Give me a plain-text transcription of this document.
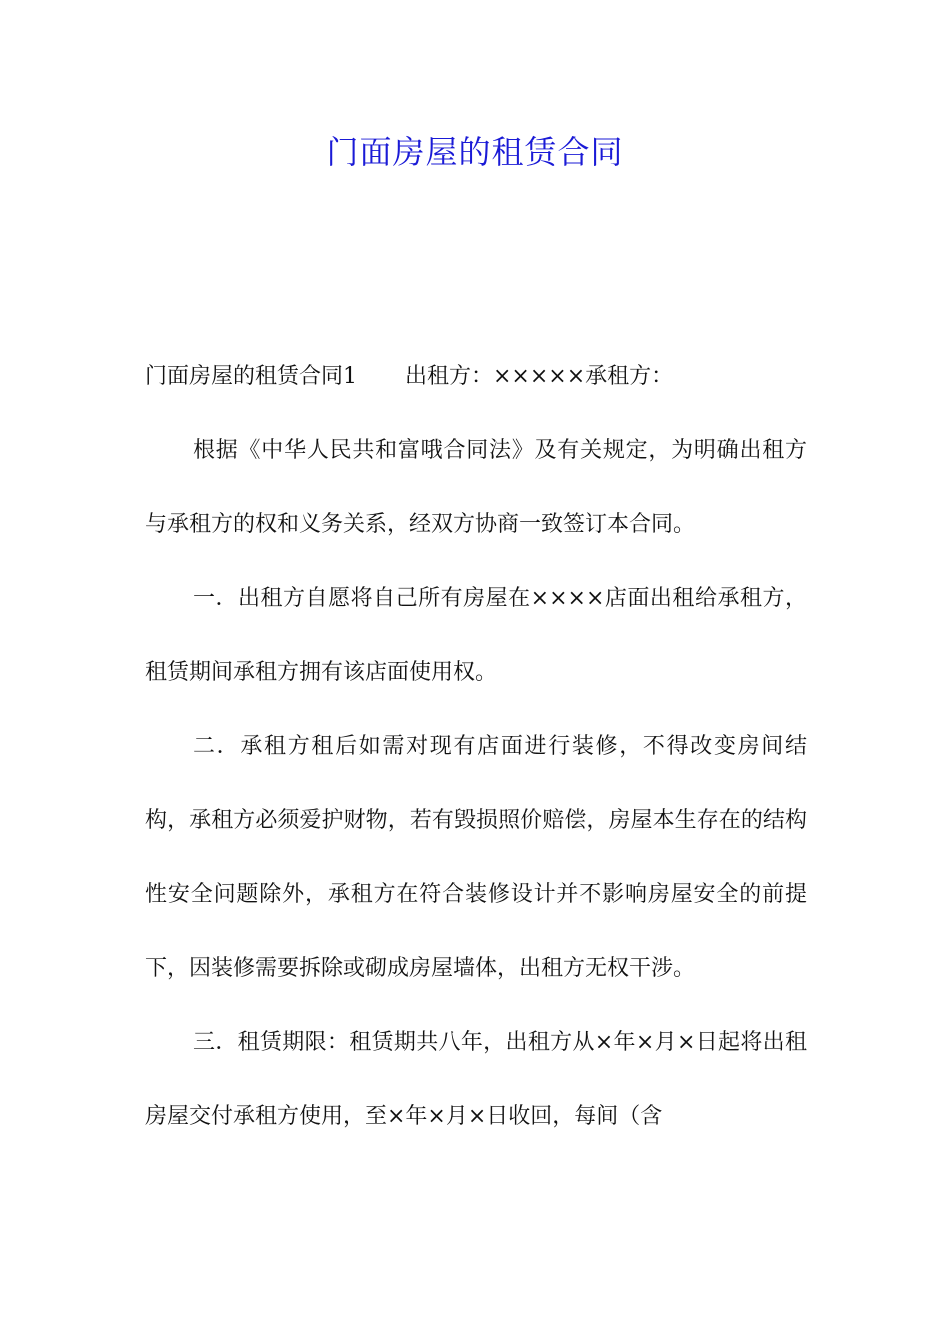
门面房屋的租赁合同

门面房屋的租赁合同1 出租方：×××××承租方：

根据《中华人民共和富哦合同法》及有关规定，为明确出租方与承租方的权和义务关系，经双方协商一致签订本合同。

一．出租方自愿将自己所有房屋在××××店面出租给承租方，租赁期间承租方拥有该店面使用权。

二．承租方租后如需对现有店面进行装修，不得改变房间结构，承租方必须爱护财物，若有毁损照价赔偿，房屋本生存在的结构性安全问题除外，承租方在符合装修设计并不影响房屋安全的前提下，因装修需要拆除或砌成房屋墙体，出租方无权干涉。

三．租赁期限：租赁期共八年，出租方从×年×月×日起将出租房屋交付承租方使用，至×年×月×日收回，每间（含
